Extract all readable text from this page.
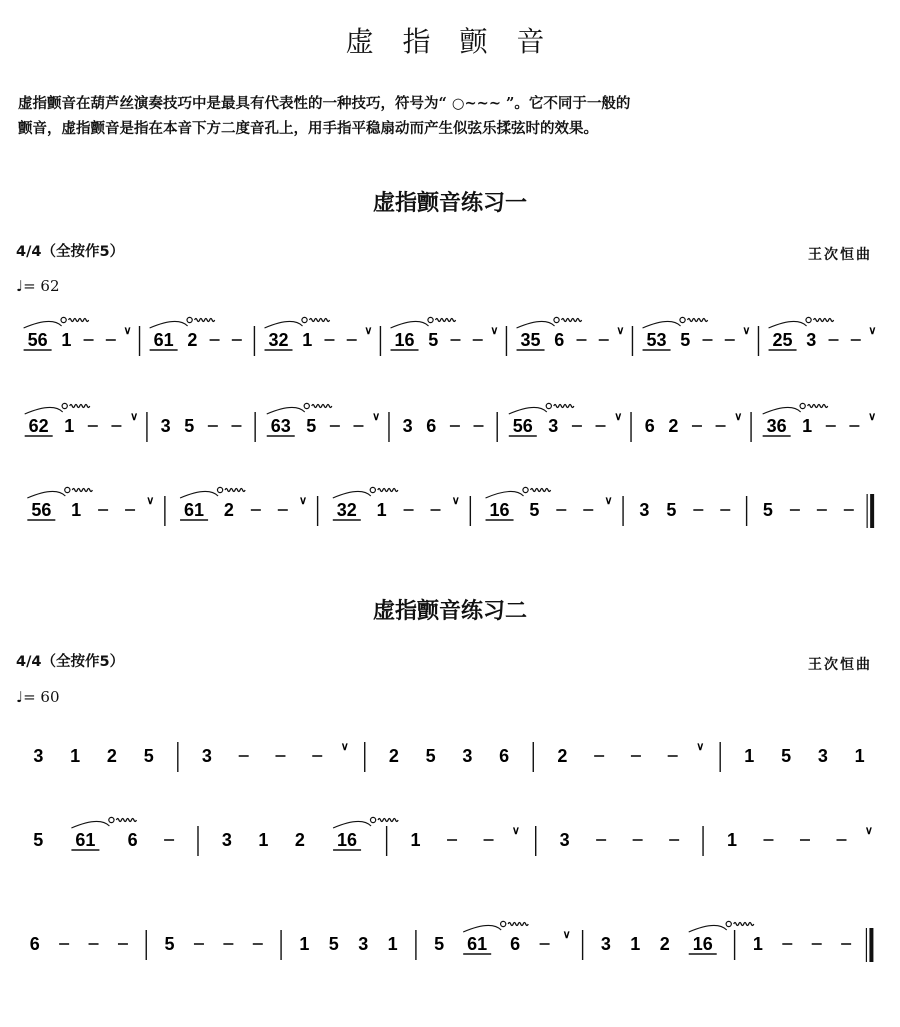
虚 指 颤 音
虚指颤音在葫芦丝演奏技巧中是最具有代表性的一种技巧，符号为“ ○~~~ ”。它不同于一般的
颤音，虚指颤音是指在本音下方二度音孔上，用手指平稳扇动而产生似弦乐揉弦时的效果。
虚指颤音练习一
4/4（全按作5）	王次恒曲
♩= 62
56 1	∨ 61 2	32 1	∨ 16 5	∨ 35 6	∨ 53 5	∨ 25 3	∨
62 1	∨ 3 5	63 5	∨ 3 6	56 3	∨ 6 2	∨ 36 1	∨
56 1	∨ 61 2	∨ 32 1	∨ 16 5	∨ 3 5	5
虚指颤音练习二
4/4（全按作5）	王次恒曲
♩= 60
3 1 2 5	3	∨ 2 5 3 6	2	∨ 1 5 3 1
5 61 6	3 1 2 16	1	∨ 3	1	∨
6	5	1 5 3 1 5 61 6	∨ 3 1 2 16 1
